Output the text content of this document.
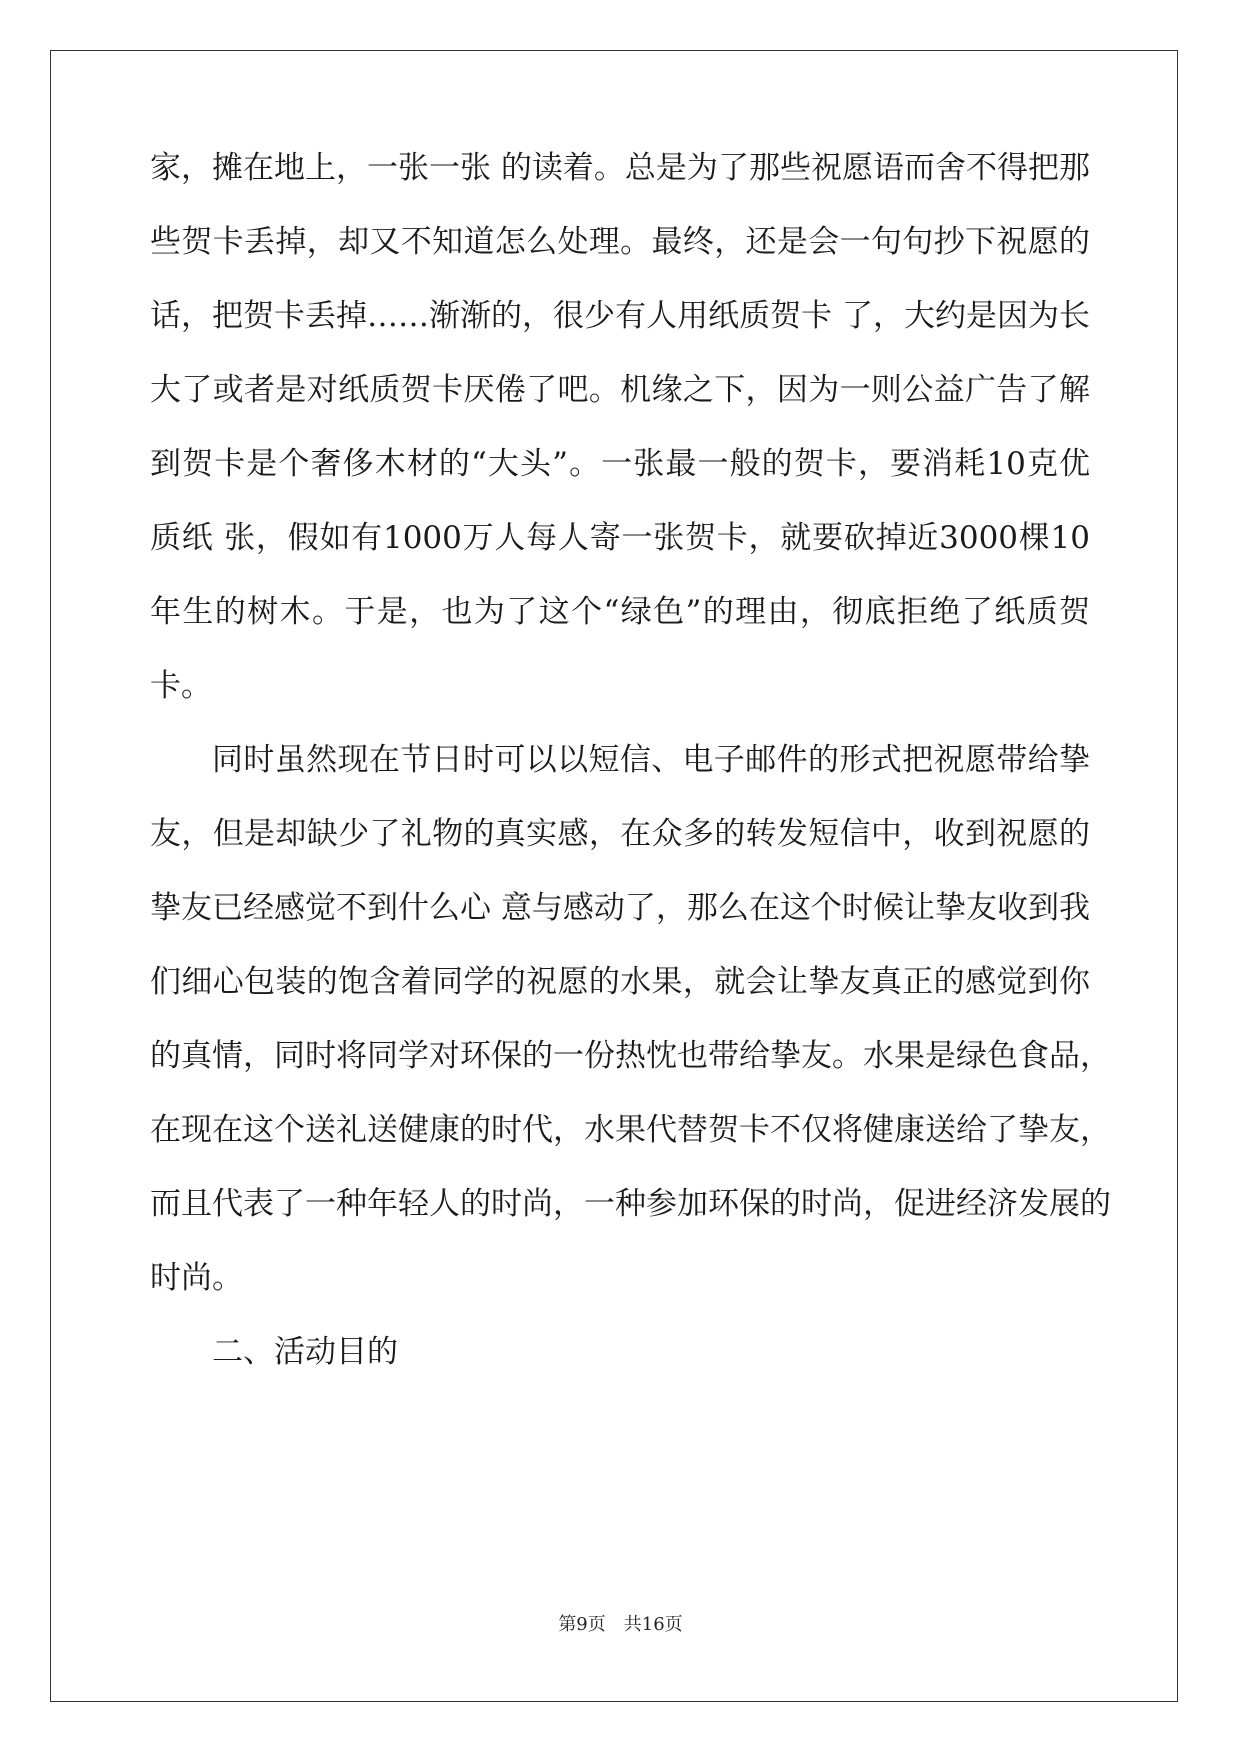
家，摊在地上，一张一张 的读着。总是为了那些祝愿语而舍不得把那
些贺卡丢掉，却又不知道怎么处理。最终，还是会一句句抄下祝愿的
话，把贺卡丢掉……渐渐的，很少有人用纸质贺卡 了，大约是因为长
大了或者是对纸质贺卡厌倦了吧。机缘之下，因为一则公益广告了解
到贺卡是个奢侈木材的“大头”。一张最一般的贺卡，要消耗10克优
质纸 张，假如有1000万人每人寄一张贺卡，就要砍掉近3000棵10
年生的树木。于是，也为了这个“绿色”的理由，彻底拒绝了纸质贺
卡。
同时虽然现在节日时可以以短信、电子邮件的形式把祝愿带给挚
友，但是却缺少了礼物的真实感，在众多的转发短信中，收到祝愿的
挚友已经感觉不到什么心 意与感动了，那么在这个时候让挚友收到我
们细心包装的饱含着同学的祝愿的水果，就会让挚友真正的感觉到你
的真情，同时将同学对环保的一份热忱也带给挚友。水果是绿色食品，
在现在这个送礼送健康的时代，水果代替贺卡不仅将健康送给了挚友，
而且代表了一种年轻人的时尚，一种参加环保的时尚，促进经济发展的
时尚。
二、活动目的
第9页　共16页
